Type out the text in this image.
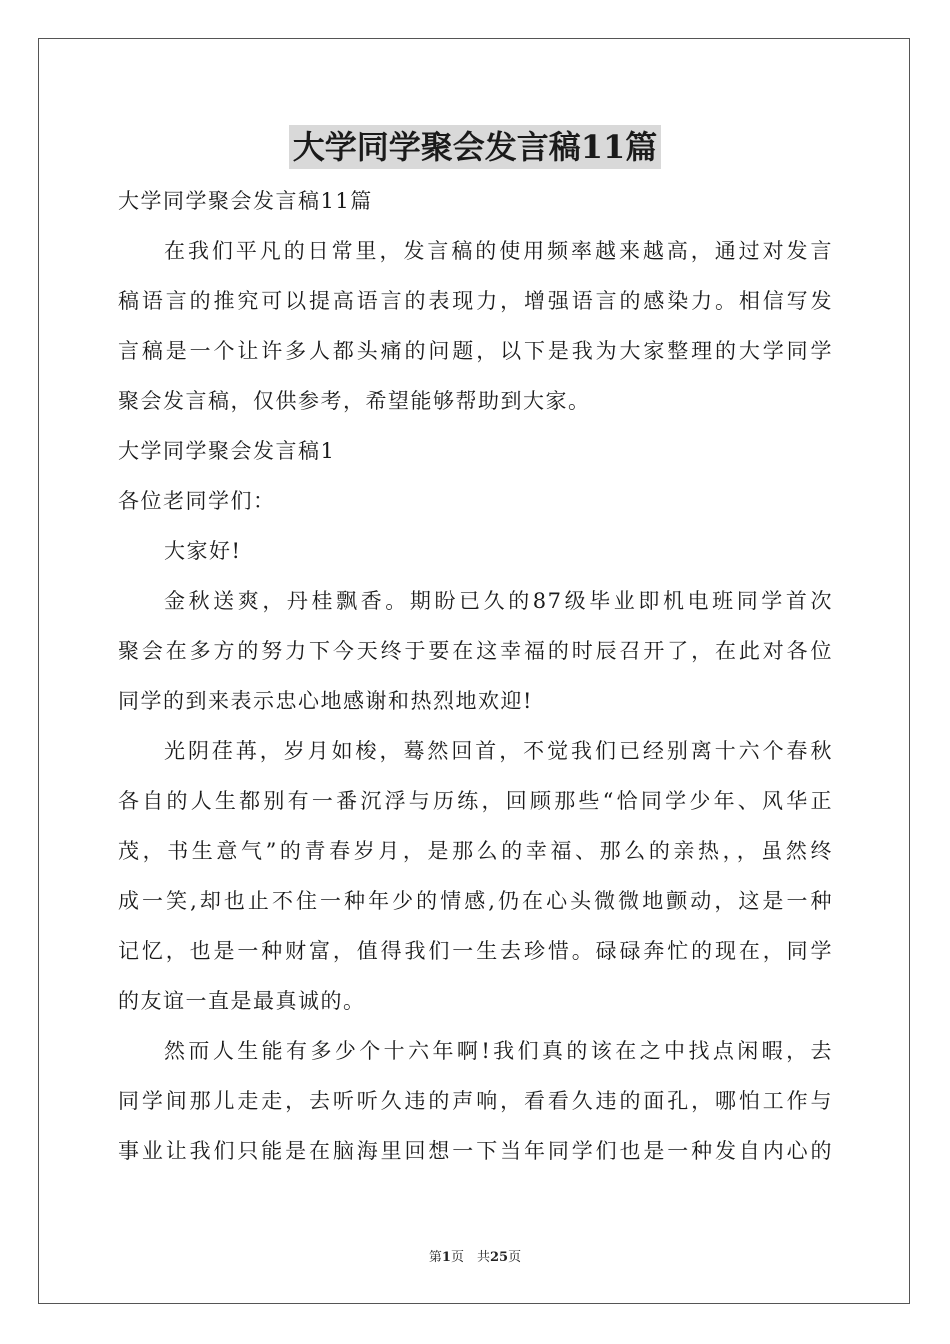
大学同学聚会发言稿11篇
大学同学聚会发言稿11篇
在我们平凡的日常里，发言稿的使用频率越来越高，通过对发言
稿语言的推究可以提高语言的表现力，增强语言的感染力。相信写发
言稿是一个让许多人都头痛的问题，以下是我为大家整理的大学同学
聚会发言稿，仅供参考，希望能够帮助到大家。
大学同学聚会发言稿1
各位老同学们：
大家好!
金秋送爽，丹桂飘香。期盼已久的87级毕业即机电班同学首次
聚会在多方的努力下今天终于要在这幸福的时辰召开了，在此对各位
同学的到来表示忠心地感谢和热烈地欢迎!
光阴荏苒，岁月如梭，蓦然回首，不觉我们已经别离十六个春秋
各自的人生都别有一番沉浮与历练，回顾那些“恰同学少年、风华正
茂，书生意气”的青春岁月，是那么的幸福、那么的亲热，，虽然终
成一笑,却也止不住一种年少的情感,仍在心头微微地颤动，这是一种
记忆，也是一种财富，值得我们一生去珍惜。碌碌奔忙的现在，同学
的友谊一直是最真诚的。
然而人生能有多少个十六年啊!我们真的该在之中找点闲暇，去
同学间那儿走走，去听听久违的声响，看看久违的面孔，哪怕工作与
事业让我们只能是在脑海里回想一下当年同学们也是一种发自内心的
第1页　共25页
